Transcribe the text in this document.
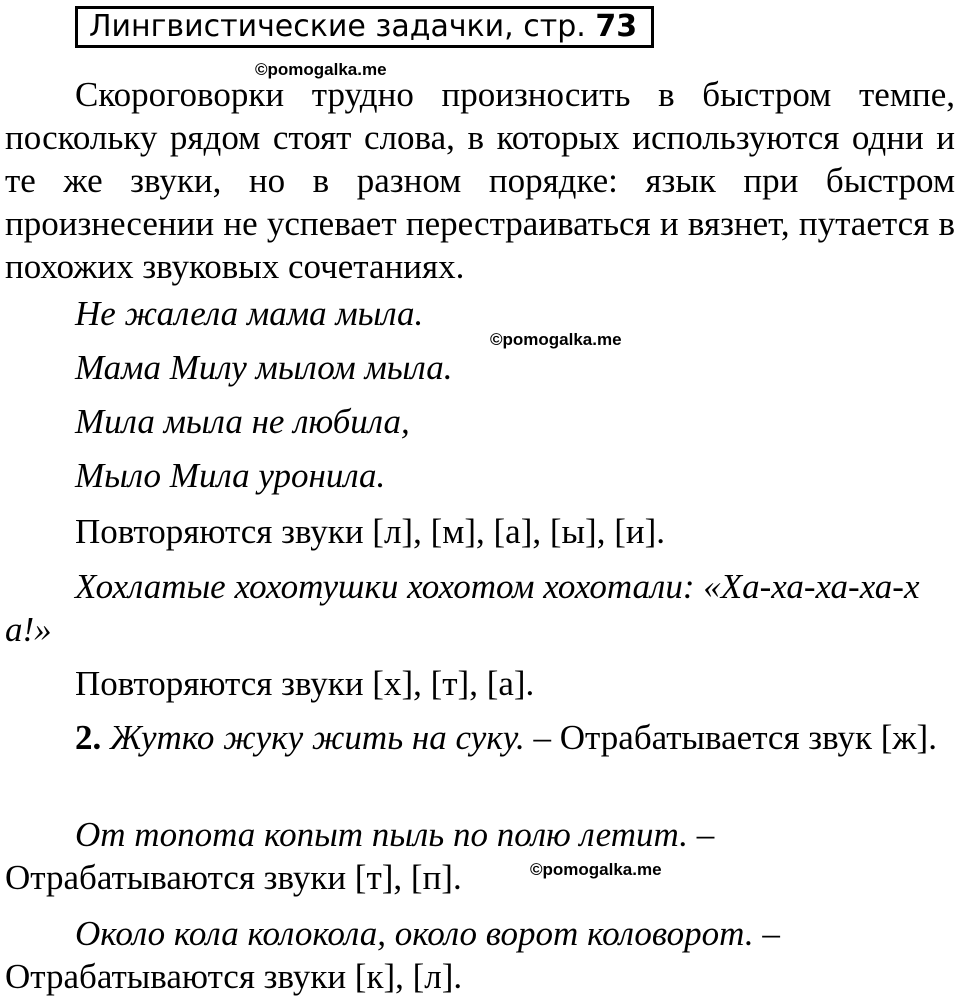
Лингвистические задачки, стр. 73

Скороговорки трудно произносить в быстром темпе, поскольку рядом стоят слова, в которых используются одни и те же звуки, но в разном порядке: язык при быстром произнесении не успевает перестраиваться и вязнет, путается в похожих звуковых сочетаниях.

Не жалела мама мыла.
Мама Милу мылом мыла.
Мила мыла не любила,
Мыло Мила уронила.
Повторяются звуки [л], [м], [а], [ы], [и].

Хохлатые хохотушки хохотом хохотали: «Ха-ха-ха-ха-ха!»

Повторяются звуки [х], [т], [а].

2. Жутко жуку жить на суку. – Отрабатывается звук [ж].

От топота копыт пыль по полю летит. – Отрабатываются звуки [т], [п].

Около кола колокола, около ворот коловорот. – Отрабатываются звуки [к], [л].

©pomogalka.me
©pomogalka.me
©pomogalka.me
